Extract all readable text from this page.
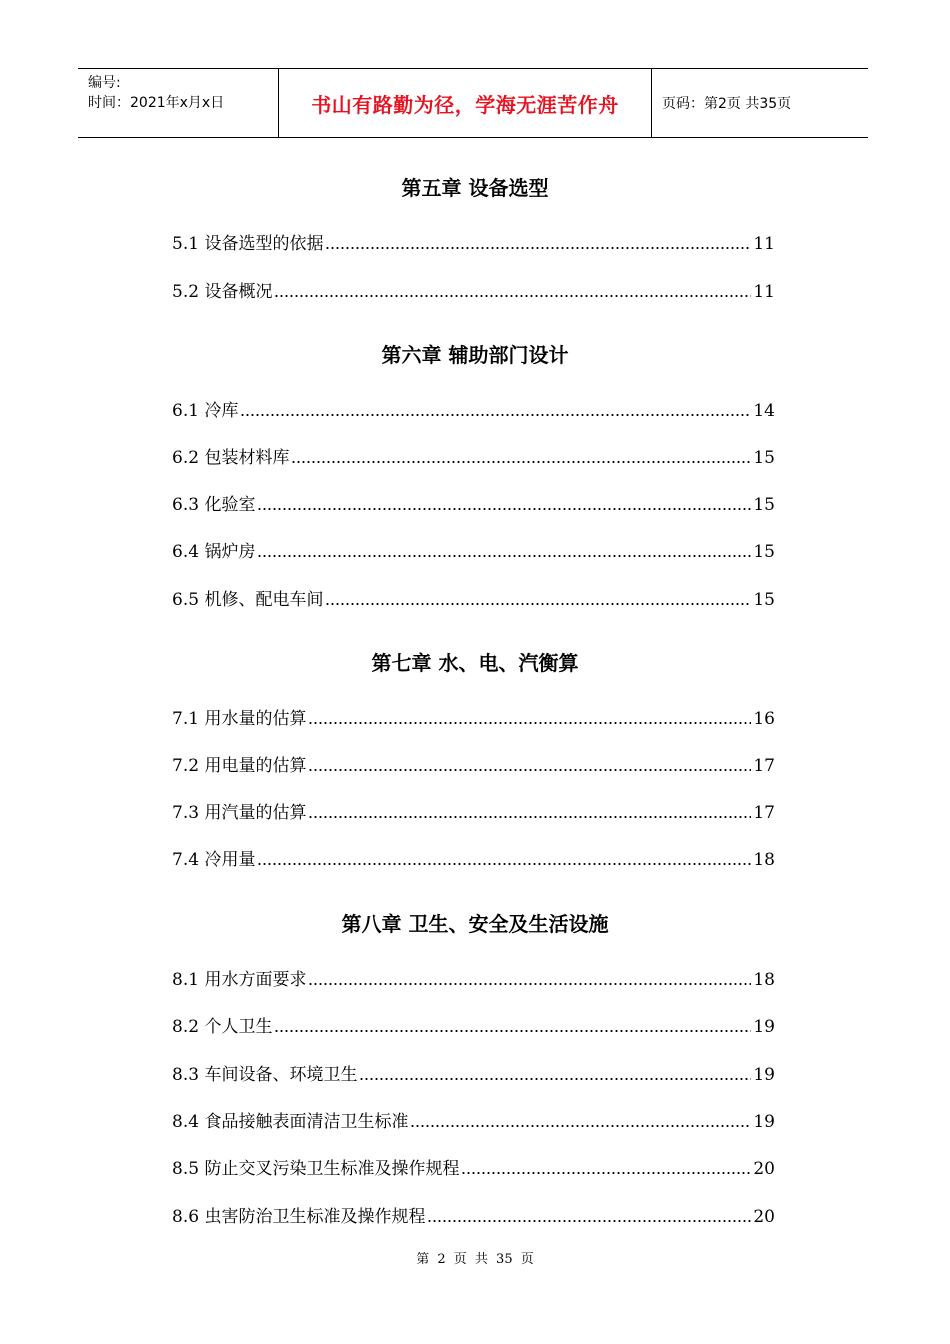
编号:
时间：2021年x月x日	书山有路勤为径，学海无涯苦作舟	页码：第2页 共35页
第五章 设备选型
5.1 设备选型的依据	11
5.2 设备概况	11
第六章 辅助部门设计
6.1 冷库	14
6.2 包装材料库	15
6.3 化验室	15
6.4 锅炉房	15
6.5 机修、配电车间	15
第七章 水、电、汽衡算
7.1 用水量的估算	16
7.2 用电量的估算	17
7.3 用汽量的估算	17
7.4 冷用量	18
第八章 卫生、安全及生活设施
8.1 用水方面要求	18
8.2 个人卫生	19
8.3 车间设备、环境卫生	19
8.4 食品接触表面清洁卫生标准	19
8.5 防止交叉污染卫生标准及操作规程	20
8.6 虫害防治卫生标准及操作规程	20
第 2 页 共 35 页
